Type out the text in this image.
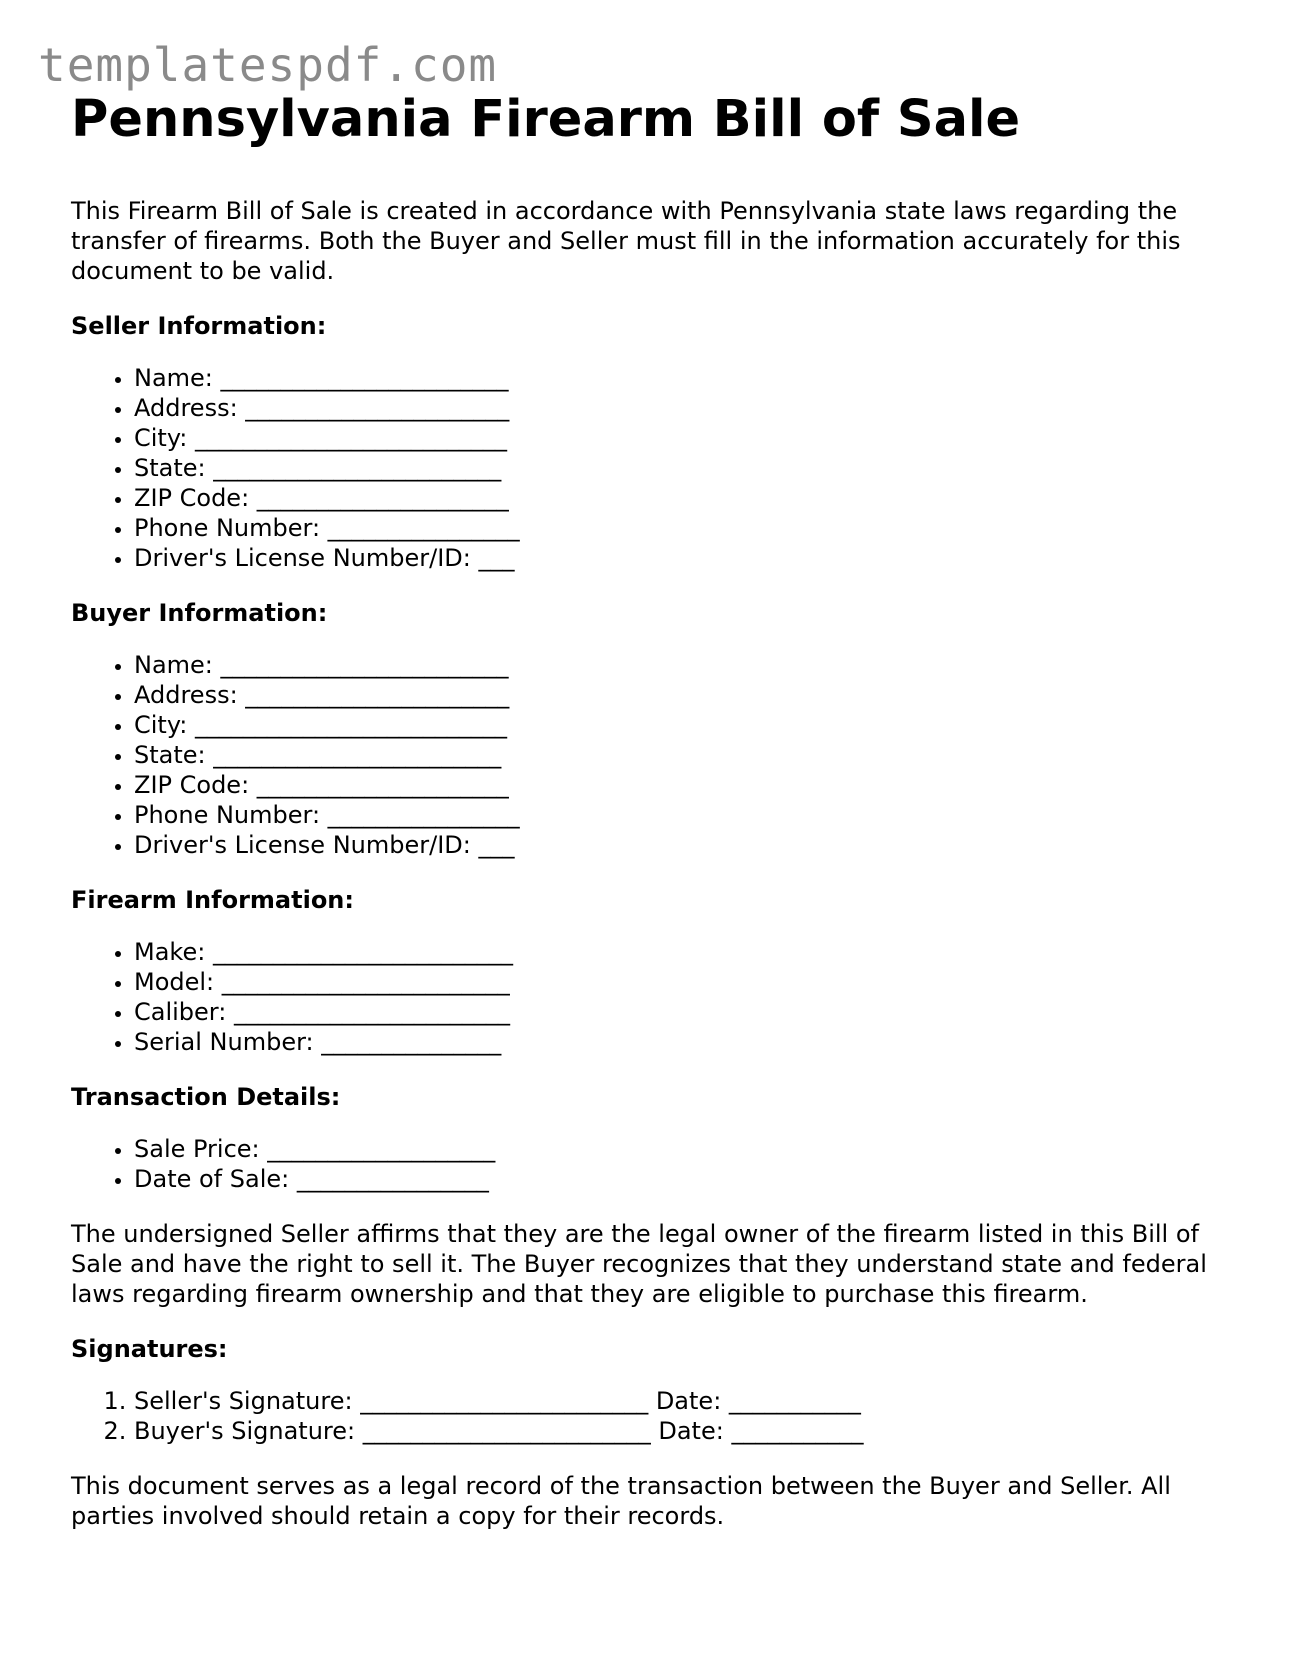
templatespdf.com
Pennsylvania Firearm Bill of Sale

This Firearm Bill of Sale is created in accordance with Pennsylvania state laws regarding the transfer of firearms. Both the Buyer and Seller must fill in the information accurately for this document to be valid.

Seller Information:
• Name: ________________________
• Address: ______________________
• City: __________________________
• State: ________________________
• ZIP Code: _____________________
• Phone Number: ________________
• Driver's License Number/ID: ___
Buyer Information:
• Name: ________________________
• Address: ______________________
• City: __________________________
• State: ________________________
• ZIP Code: _____________________
• Phone Number: ________________
• Driver's License Number/ID: ___
Firearm Information:
• Make: _________________________
• Model: ________________________
• Caliber: _______________________
• Serial Number: _______________
Transaction Details:
• Sale Price: ___________________
• Date of Sale: ________________

The undersigned Seller affirms that they are the legal owner of the firearm listed in this Bill of Sale and have the right to sell it. The Buyer recognizes that they understand state and federal laws regarding firearm ownership and that they are eligible to purchase this firearm.

Signatures:
1. Seller's Signature: ________________________ Date: ___________
2. Buyer's Signature: ________________________ Date: ___________

This document serves as a legal record of the transaction between the Buyer and Seller. All parties involved should retain a copy for their records.
